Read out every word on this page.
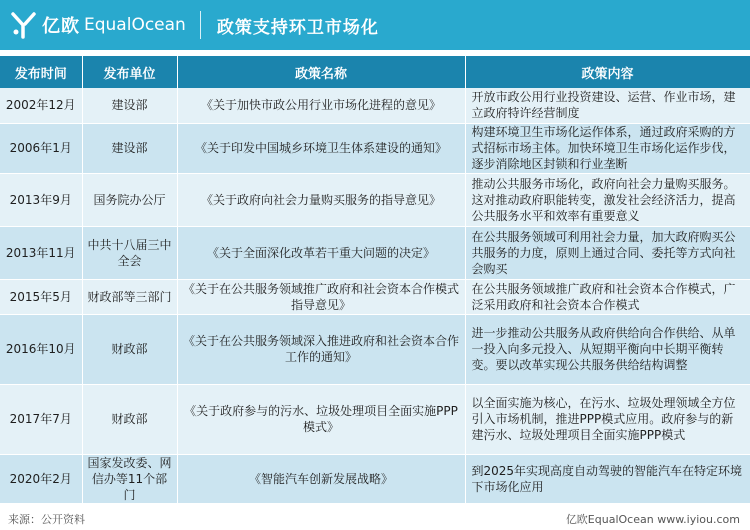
亿欧 EqualOcean 政策支持环卫市场化
发布时间	发布单位	政策名称	政策内容
2002年12月	建设部	《关于加快市政公用行业市场化进程的意见》	开放市政公用行业投资建设、运营、作业市场，建立政府特许经营制度
2006年1月	建设部	《关于印发中国城乡环境卫生体系建设的通知》	构建环境卫生市场化运作体系，通过政府采购的方式招标市场主体。加快环境卫生市场化运作步伐，逐步消除地区封锁和行业垄断
2013年9月	国务院办公厅	《关于政府向社会力量购买服务的指导意见》	推动公共服务市场化，政府向社会力量购买服务。这对推动政府职能转变，激发社会经济活力，提高公共服务水平和效率有重要意义
2013年11月	中共十八届三中全会	《关于全面深化改革若干重大问题的决定》	在公共服务领域可利用社会力量，加大政府购买公共服务的力度，原则上通过合同、委托等方式向社会购买
2015年5月	财政部等三部门	《关于在公共服务领域推广政府和社会资本合作模式指导意见》	在公共服务领域推广政府和社会资本合作模式，广泛采用政府和社会资本合作模式
2016年10月	财政部	《关于在公共服务领域深入推进政府和社会资本合作工作的通知》	进一步推动公共服务从政府供给向合作供给、从单一投入向多元投入、从短期平衡向中长期平衡转变。要以改革实现公共服务供给结构调整
2017年7月	财政部	《关于政府参与的污水、垃圾处理项目全面实施PPP模式》	以全面实施为核心，在污水、垃圾处理领域全方位引入市场机制，推进PPP模式应用。政府参与的新建污水、垃圾处理项目全面实施PPP模式
2020年2月	国家发改委、网信办等11个部门	《智能汽车创新发展战略》	到2025年实现高度自动驾驶的智能汽车在特定环境下市场化应用
来源：公开资料	亿欧EqualOcean www.iyiou.com
